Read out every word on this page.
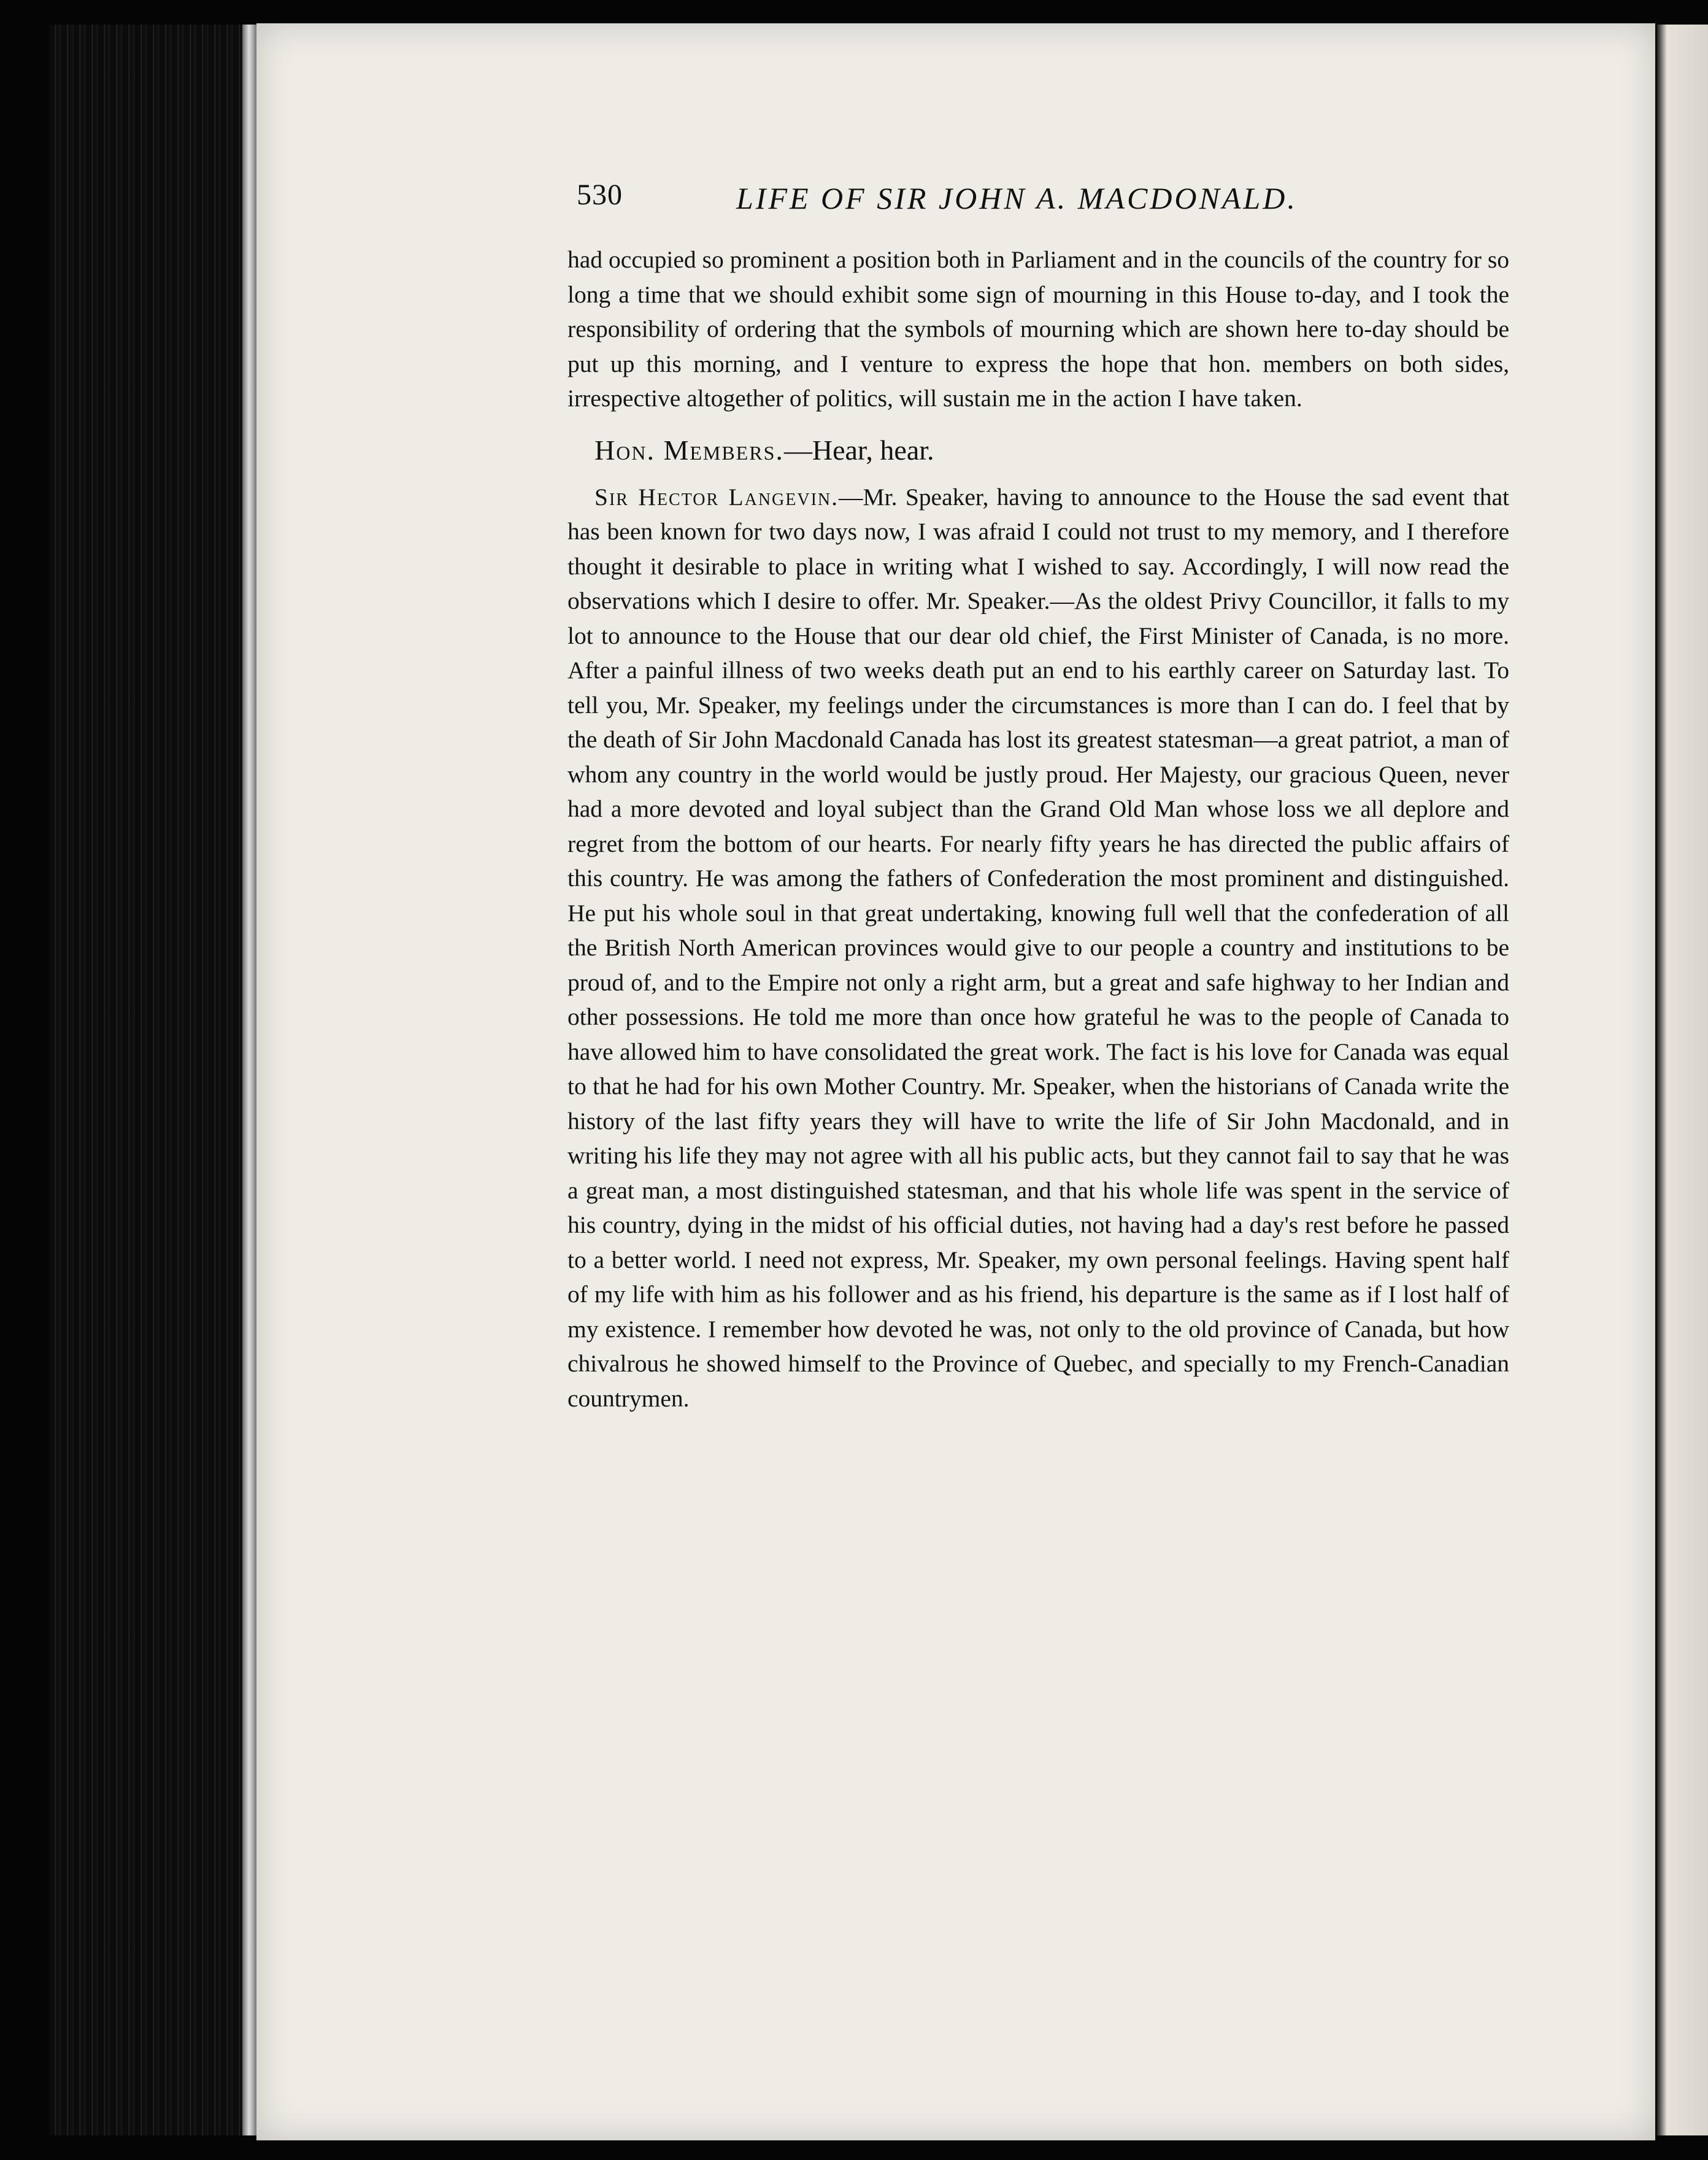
530	LIFE OF SIR JOHN A. MACDONALD.

had occupied so prominent a position both in Parliament and in the councils of the country for so long a time that we should exhibit some sign of mourning in this House to-day, and I took the responsibility of ordering that the symbols of mourning which are shown here to-day should be put up this morning, and I venture to express the hope that hon. members on both sides, irrespective altogether of politics, will sustain me in the action I have taken.

Hon. Members.—Hear, hear.

Sir Hector Langevin.—Mr. Speaker, having to announce to the House the sad event that has been known for two days now, I was afraid I could not trust to my memory, and I therefore thought it desirable to place in writing what I wished to say. Accordingly, I will now read the observations which I desire to offer. Mr. Speaker.—As the oldest Privy Councillor, it falls to my lot to announce to the House that our dear old chief, the First Minister of Canada, is no more. After a painful illness of two weeks death put an end to his earthly career on Saturday last. To tell you, Mr. Speaker, my feelings under the circumstances is more than I can do. I feel that by the death of Sir John Macdonald Canada has lost its greatest statesman—a great patriot, a man of whom any country in the world would be justly proud. Her Majesty, our gracious Queen, never had a more devoted and loyal subject than the Grand Old Man whose loss we all deplore and regret from the bottom of our hearts. For nearly fifty years he has directed the public affairs of this country. He was among the fathers of Confederation the most prominent and distinguished. He put his whole soul in that great undertaking, knowing full well that the confederation of all the British North American provinces would give to our people a country and institutions to be proud of, and to the Empire not only a right arm, but a great and safe highway to her Indian and other possessions. He told me more than once how grateful he was to the people of Canada to have allowed him to have consolidated the great work. The fact is his love for Canada was equal to that he had for his own Mother Country. Mr. Speaker, when the historians of Canada write the history of the last fifty years they will have to write the life of Sir John Macdonald, and in writing his life they may not agree with all his public acts, but they cannot fail to say that he was a great man, a most distinguished statesman, and that his whole life was spent in the service of his country, dying in the midst of his official duties, not having had a day's rest before he passed to a better world. I need not express, Mr. Speaker, my own personal feelings. Having spent half of my life with him as his follower and as his friend, his departure is the same as if I lost half of my existence. I remember how devoted he was, not only to the old province of Canada, but how chivalrous he showed himself to the Province of Quebec, and specially to my French-Canadian countrymen.
